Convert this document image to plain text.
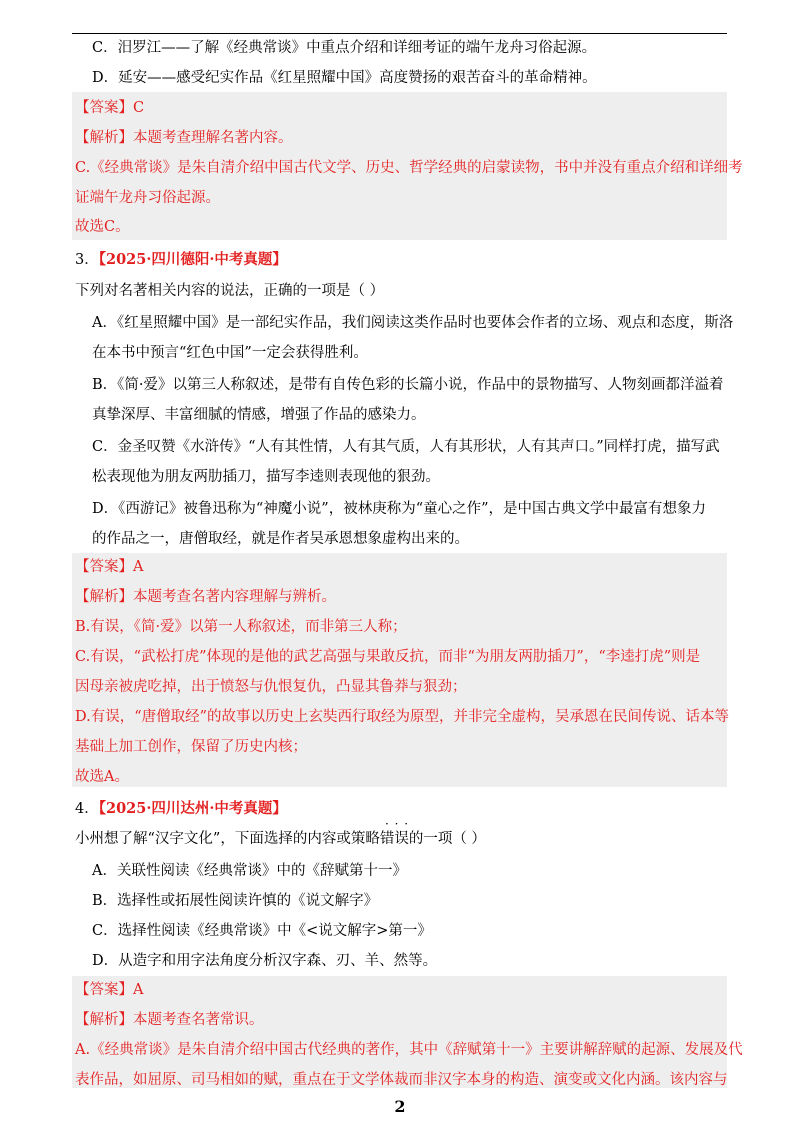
C．汨罗江——了解《经典常谈》中重点介绍和详细考证的端午龙舟习俗起源。
D．延安——感受纪实作品《红星照耀中国》高度赞扬的艰苦奋斗的革命精神。
【答案】C
【解析】本题考查理解名著内容。
C.《经典常谈》是朱自清介绍中国古代文学、历史、哲学经典的启蒙读物，书中并没有重点介绍和详细考
证端午龙舟习俗起源。
故选C。
3．【2025·四川德阳·中考真题】
下列对名著相关内容的说法，正确的一项是（ ）
A．《红星照耀中国》是一部纪实作品，我们阅读这类作品时也要体会作者的立场、观点和态度，斯洛
在本书中预言“红色中国”一定会获得胜利。
B．《简·爱》以第三人称叙述，是带有自传色彩的长篇小说，作品中的景物描写、人物刻画都洋溢着
真挚深厚、丰富细腻的情感，增强了作品的感染力。
C．金圣叹赞《水浒传》“人有其性情，人有其气质，人有其形状，人有其声口。”同样打虎，描写武
松表现他为朋友两肋插刀，描写李逵则表现他的狠劲。
D．《西游记》被鲁迅称为“神魔小说”，被林庚称为“童心之作”，是中国古典文学中最富有想象力
的作品之一，唐僧取经，就是作者吴承恩想象虚构出来的。
【答案】A
【解析】本题考查名著内容理解与辨析。
B.有误，《简·爱》以第一人称叙述，而非第三人称；
C.有误，“武松打虎”体现的是他的武艺高强与果敢反抗，而非“为朋友两肋插刀”，“李逵打虎”则是
因母亲被虎吃掉，出于愤怒与仇恨复仇，凸显其鲁莽与狠劲；
D.有误，“唐僧取经”的故事以历史上玄奘西行取经为原型，并非完全虚构，吴承恩在民间传说、话本等
基础上加工创作，保留了历史内核；
故选A。
4．【2025·四川达州·中考真题】
· · ·
小州想了解“汉字文化”，下面选择的内容或策略错误的一项（ ）
A．关联性阅读《经典常谈》中的《辞赋第十一》
B．选择性或拓展性阅读许慎的《说文解字》
C．选择性阅读《经典常谈》中《<说文解字>第一》
D．从造字和用字法角度分析汉字森、刃、羊、然等。
【答案】A
【解析】本题考查名著常识。
A.《经典常谈》是朱自清介绍中国古代经典的著作，其中《辞赋第十一》主要讲解辞赋的起源、发展及代
表作品，如屈原、司马相如的赋，重点在于文学体裁而非汉字本身的构造、演变或文化内涵。该内容与
2
